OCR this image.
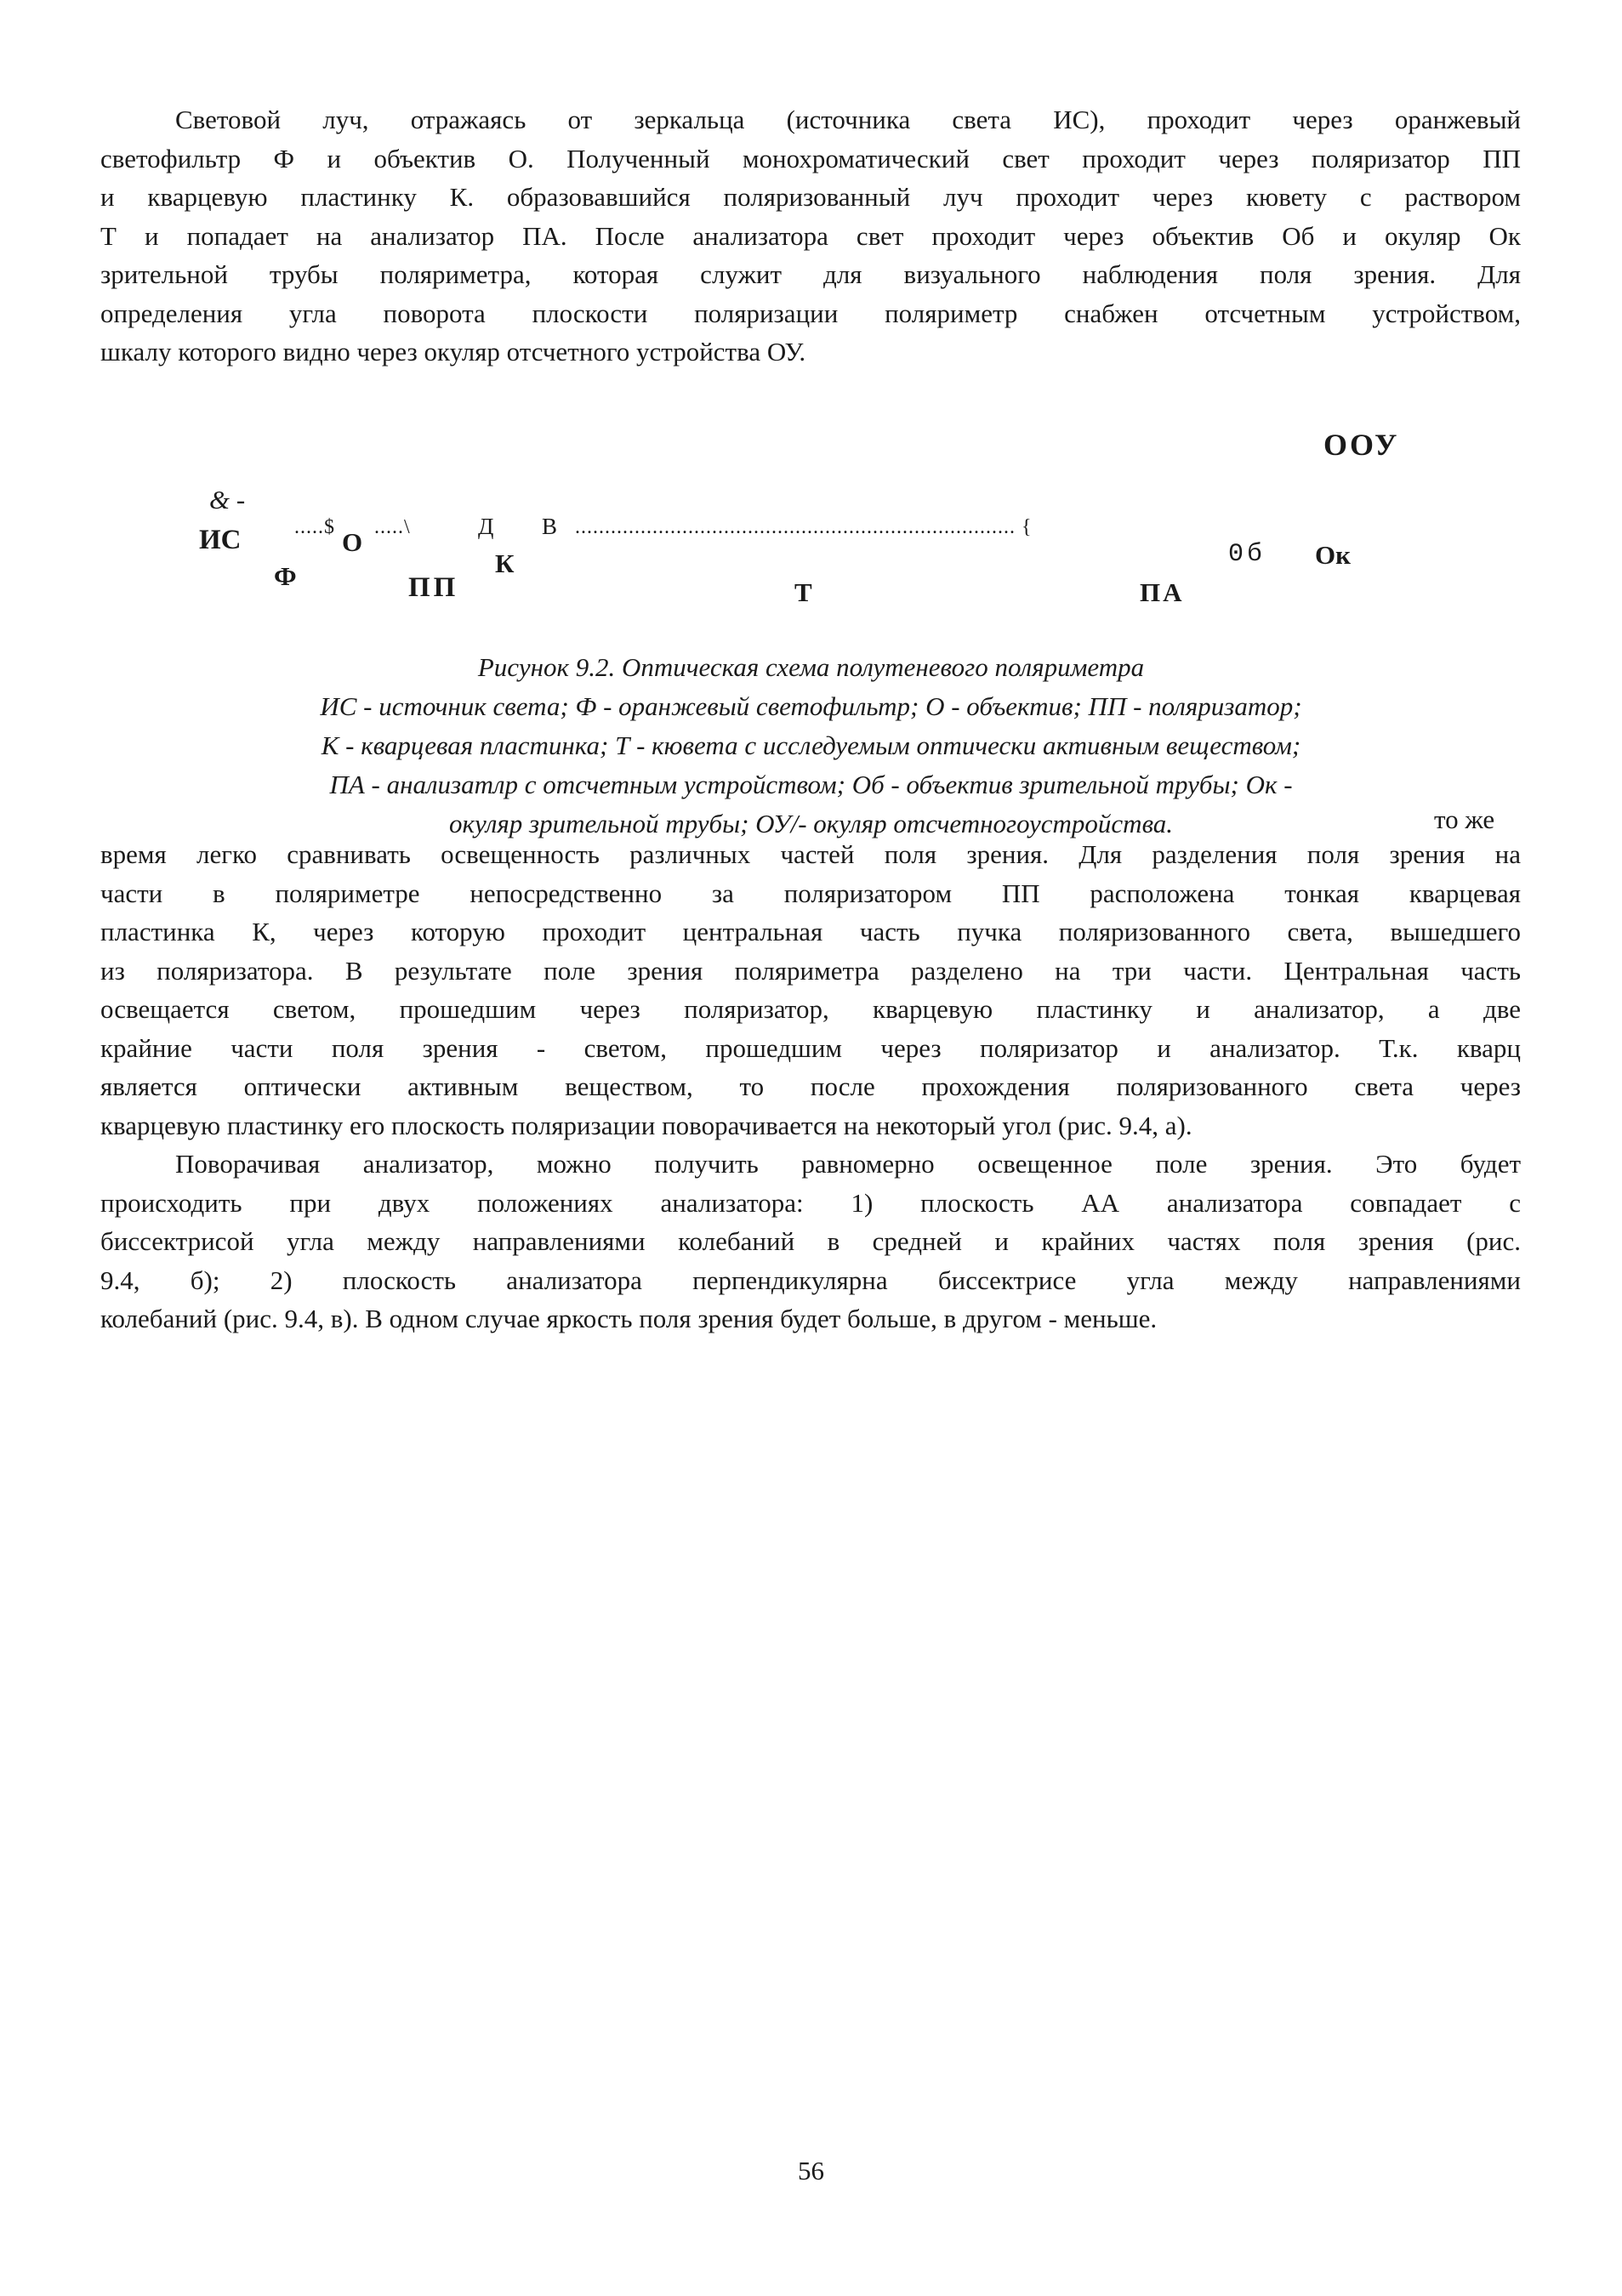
Световой луч, отражаясь от зеркальца (источника света ИС), проходит через оранжевый
светофильтр Ф и объектив О. Полученный монохроматический свет проходит через поляризатор ПП
и кварцевую пластинку К. образовавшийся поляризованный луч проходит через кювету с раствором
Т и попадает на анализатор ПА. После анализатора свет проходит через объектив Об и окуляр Ок
зрительной трубы поляриметра, которая служит для визуального наблюдения поля зрения. Для
определения угла поворота плоскости поляризации поляриметр снабжен отсчетным устройством,
шкалу которого видно через окуляр отсчетного устройства ОУ.
ООУ
& -
ИС	.....$ О .....\	Д В .......................................................................... {
Ф	ПП
К
Т	ПА
0б Ок
Рисунок 9.2. Оптическая схема полутеневого поляриметра
ИС - источник света; Ф - оранжевый светофильтр; О - объектив; ПП - поляризатор;
К - кварцевая пластинка; Т - кювета с исследуемым оптически активным веществом;
ПА - анализатлр с отсчетным устройством; Об - объектив зрительной трубы; Ок -
окуляр зрительной трубы; ОУ/- окуляр отсчетногоустройства.	то же
время легко сравнивать освещенность различных частей поля зрения. Для разделения поля зрения на
части в поляриметре непосредственно за поляризатором ПП расположена тонкая кварцевая
пластинка К, через которую проходит центральная часть пучка поляризованного света, вышедшего
из поляризатора. В результате поле зрения поляриметра разделено на три части. Центральная часть
освещается светом, прошедшим через поляризатор, кварцевую пластинку и анализатор, а две
крайние части поля зрения - светом, прошедшим через поляризатор и анализатор. Т.к. кварц
является оптически активным веществом, то после прохождения поляризованного света через
кварцевую пластинку его плоскость поляризации поворачивается на некоторый угол (рис. 9.4, а).
Поворачивая анализатор, можно получить равномерно освещенное поле зрения. Это будет
происходить при двух положениях анализатора: 1) плоскость АА анализатора совпадает с
биссектрисой угла между направлениями колебаний в средней и крайних частях поля зрения (рис.
9.4, б); 2) плоскость анализатора перпендикулярна биссектрисе угла между направлениями
колебаний (рис. 9.4, в). В одном случае яркость поля зрения будет больше, в другом - меньше.
56
